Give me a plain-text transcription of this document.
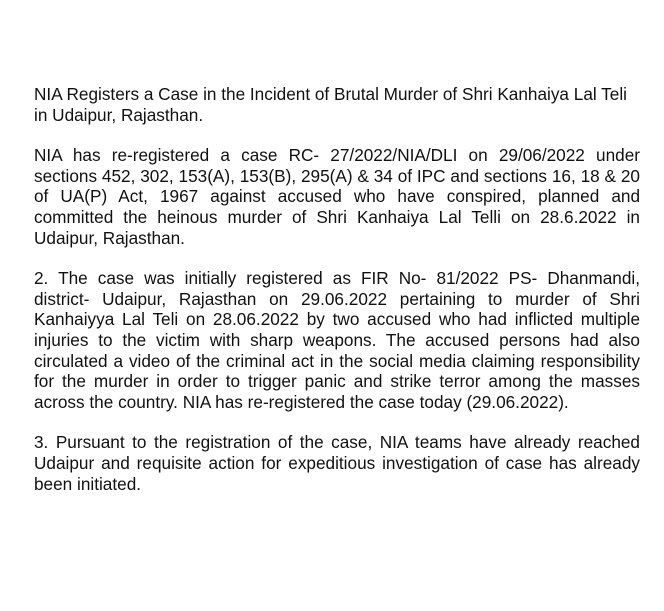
NIA Registers a Case in the Incident of Brutal Murder of Shri Kanhaiya Lal Teli in Udaipur, Rajasthan.

NIA has re-registered a case RC- 27/2022/NIA/DLI on 29/06/2022 under sections 452, 302, 153(A), 153(B), 295(A) & 34 of IPC and sections 16, 18 & 20 of UA(P) Act, 1967 against accused who have conspired, planned and committed the heinous murder of Shri Kanhaiya Lal Telli on 28.6.2022 in Udaipur, Rajasthan.

2. The case was initially registered as FIR No- 81/2022 PS- Dhanmandi, district- Udaipur, Rajasthan on 29.06.2022 pertaining to murder of Shri Kanhaiyya Lal Teli on 28.06.2022 by two accused who had inflicted multiple injuries to the victim with sharp weapons. The accused persons had also circulated a video of the criminal act in the social media claiming responsibility for the murder in order to trigger panic and strike terror among the masses across the country. NIA has re-registered the case today (29.06.2022).

3. Pursuant to the registration of the case, NIA teams have already reached Udaipur and requisite action for expeditious investigation of case has already been initiated.
